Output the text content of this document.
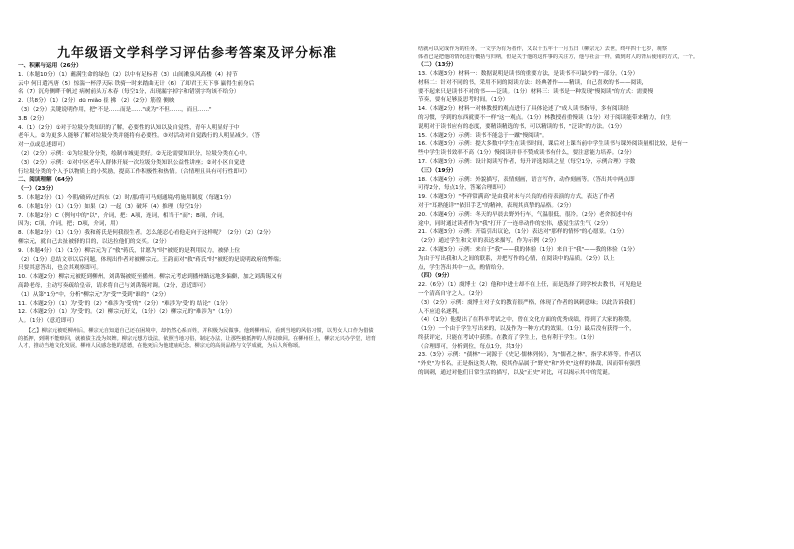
九年级语文学科学习评估参考答案及评分标准
一、积累与运用（26分）
1.（本题10分）（1）蘸满生命的绿色（2）以中有足标者（3）山间漱泉风高楼（4）持节
云中 何日遣冯唐（5）惊湍一杯浮天际 铁骑一时来踏曲无计（6）了却君王天下事 赢得生前身后
名（7）沉舟侧畔千帆过 病树前头万木春（每空1分，出现漏字掉字和错别字均该不给分）
2.（共8分）（1）（2分）dū miǎo 崔 拂 （2）（2分）筋徨 侧映
（3）（2分）关键说明作用，把"不是……而是……"或为"不但……，而且……"
3.B（2分）
4.（1）（2分）①对于垃圾分类知识的了解，必要性的认知以及自觉性，青年人明显好于中
老年人。②为更多人能够了解对垃圾分类并能将有必要性。③对活动对自觉践行的人明显减少。（答
对一点或总述即可）
（2）（2分）示例：①为垃圾分分类，绘制市城更美好。②无论需要知识分，垃圾分类在心中。
（3）（2分）示例：①对中区老年人群体开展一次垃圾分类知识公益性讲座；②对小区自觉进
行垃圾分类的个人予以物质上的小奖励，提高工作积极性和热情。（合情理且具有可行性即可）
二、阅读理解（64分）
（一）（23分）
5.（本题2分）（1）今朝/破碎/过西东（2）时/那/将可马刻通境/将施用制度（每题1分）
6.（本题1分）（1）（1分）如果（2）一起（3）破坏（4）推理（每空1分）
7.（本题2分）C（例句中的"以"，介词，把：A项，连词，相当于"而"；B项，介词，
因为；C项，介词，把；D项，介词，用）
8.（本题2分）（1）（1分）我和蒋氏是何我很生者。怎么能忍心看他走向于这样呢？（2分）（2）（2分）
柳宗元，就自己去扯被驿的目的，以达拉他们的交买。（2分）
9.（本题4分）（1）（1分）柳宗元为了"救"蒋氏，甘愿为"时"被贬的是利用民力，被驿上位
（2）（1分）总结文章以后问题，体现出作者对被柳宗元。王韵而对"救"蒋氏"时"被贬的是说明政府的弊端；
只要其意答出，也会其观察即可。
10.（本题2分）柳宗元被贬到柳州，刘禹锡被贬至播州。柳宗元考虑到播州路远地多偏僻，加之刘禹锡又有
高龄老母，主动写奏疏给皇帝，请求将自己与刘禹锡对调。（2分，意近即可）
（1）从第"1分"中，分析"柳宗元"为"受""受到"谁的"（2分）
11.（本题2分）（1）为'受'的（2）"难涉为'受'的"（2分）"难涉为'受'的 结论"（1分）
12.（本题2分）（1）为'受'的。（2）柳宗元好义，（1分）（2）柳宗元的"难涉为"（1分）
人。（1分）（意近即可）
【乙】柳宗元被贬柳州后，柳宗元自知道自己还在困境中，却仍然心系百姓，并积极为民做事。他到柳州后，看到当地的风俗习惯，以男女人口作为借债的抵押，到期不能赎回，就被债主没为奴婢。柳宗元想方设法，依照当地习俗，制定办法，让那些被抵押的人得以赎回。在柳州任上，柳宗元兴办学堂，培育人才，推动当地文化发展。柳州人民感念他的恩德，在他死后为他建庙纪念。柳宗元的高尚品格与文学成就，为后人所称颂。
结就可以完成作为的任务，一文学为有为者作，又以十五年十一月五日（柳宗元）去世，终年四十七岁，观察
体者已是把他的情况进行概括与归纳，但是关于他的这件事的关注方，他与社会一样，做到对人的背后使用的方式，一个。
（二）（13分）
13.（本题3分）材料一：数据说明是读书的重要方法，是读书不可缺少的一部分。（1分）
材料二：针对不同的书，采用不同的阅读方法：经典著作——精读，自己喜欢的书——阅读，
要不起来只是读书不对的书——泛读。（1分）材料三：读书是一种发现"慢阅读"的方式：需要慢
节奏，要有足够及思考时间。（1分）
14.（本题2分）材料一对林教授的观点进行了具体论述了"成人读书指导，多有阅读经
的习惯，学到的东西就要不一样"这一观点。（1分）林教授看重慢读（1分）对于阅读能带来精力，自生
说明对于读书应有的态度，要精读精选的书，可以精读的书，"泛读"的方法。（1分）
15.（本题2分）示例：读书不能急于一蹴"慢阅读"。
16.（本题3分）示例：提大多数中学生在读书时间，课后对上课当前中学生读书与课外阅读量相比较，是有一
些中学生读书效率不高（1分）慢阅读并非不赞成读书有什么，要注意能力培养。（2分）
17.（本题3分）示例：设计阅读写作者，每升评选阅读之星（每空1分，示例合理）字数
（三）（19分）
18.（本题4分）示例：外貌描写，表情刻画，语言写作，动作刻画等。（答出其中两点即
可得2分，每点1分，答案合理即可）
19.（本题3分）"李祥常满高"是由我对未与兴良的看待表演的方式，表达了作者
对于"耳熟能详""依旧手艺"的精神，表现其真挚的品格。（2分）
20.（本题4分）示例：冬天的早晨去野外行车，气温很低，很冷。（2分）老舍叙述中有
途中，同时通过读者作为"我"打开了一连串动作的宏伟，感觉生活生气（2分）
21.（本题3分）示例：开篇引出议论，（1分）表达对"那样的情怀"的心愿景。（1分）
（2分）通过学生和文章的表达来描写，作为示例（2分）
22.（本题3分）示例：来自于"我"——我的体验（1分）来自于"我"——我的体验（1分）
为由于写出我和人之间的联系，并把写作的心情，在阅读中的品质。（2分）以上
点，学生答出其中一点，酌情给分。
（四）（9分）
22.（6分）（1）虞博士（2）他和中进士却不在上任，而是选择了到学校去教书，可见他是
一个清高自守之人。（2分）
（3）（2分）示例：虞博士对子女的教育很严格，体现了作者的讽刺意味；以此告诉我们
人不应追名逐利。
（4）（1分）他提出了在科举考试之中，曾在文化方面的优秀成绩，得到了大家的称赞。
（1分）一个由于学生写出来的，以及作为一种方式的效果。（1分）最后没有获得一个，
终获评定，只能在考试中获胜。在教育了学生上，也有利于学生。（1分）
（合理即可，分析到位，每点1分，共3分）
23.（3分）示例："孺林"一词源于《史记·儒林列传》，为"儒者之林"，指学术界等。作者以
"外史"为书名，正是指这类人物，使其作品属于"野史"和"外史"这样的体裁，因而带有强烈
的讽刺，通过对他们日常生活的描写，以及"正史"对比，可以揭示其中的荒诞。
